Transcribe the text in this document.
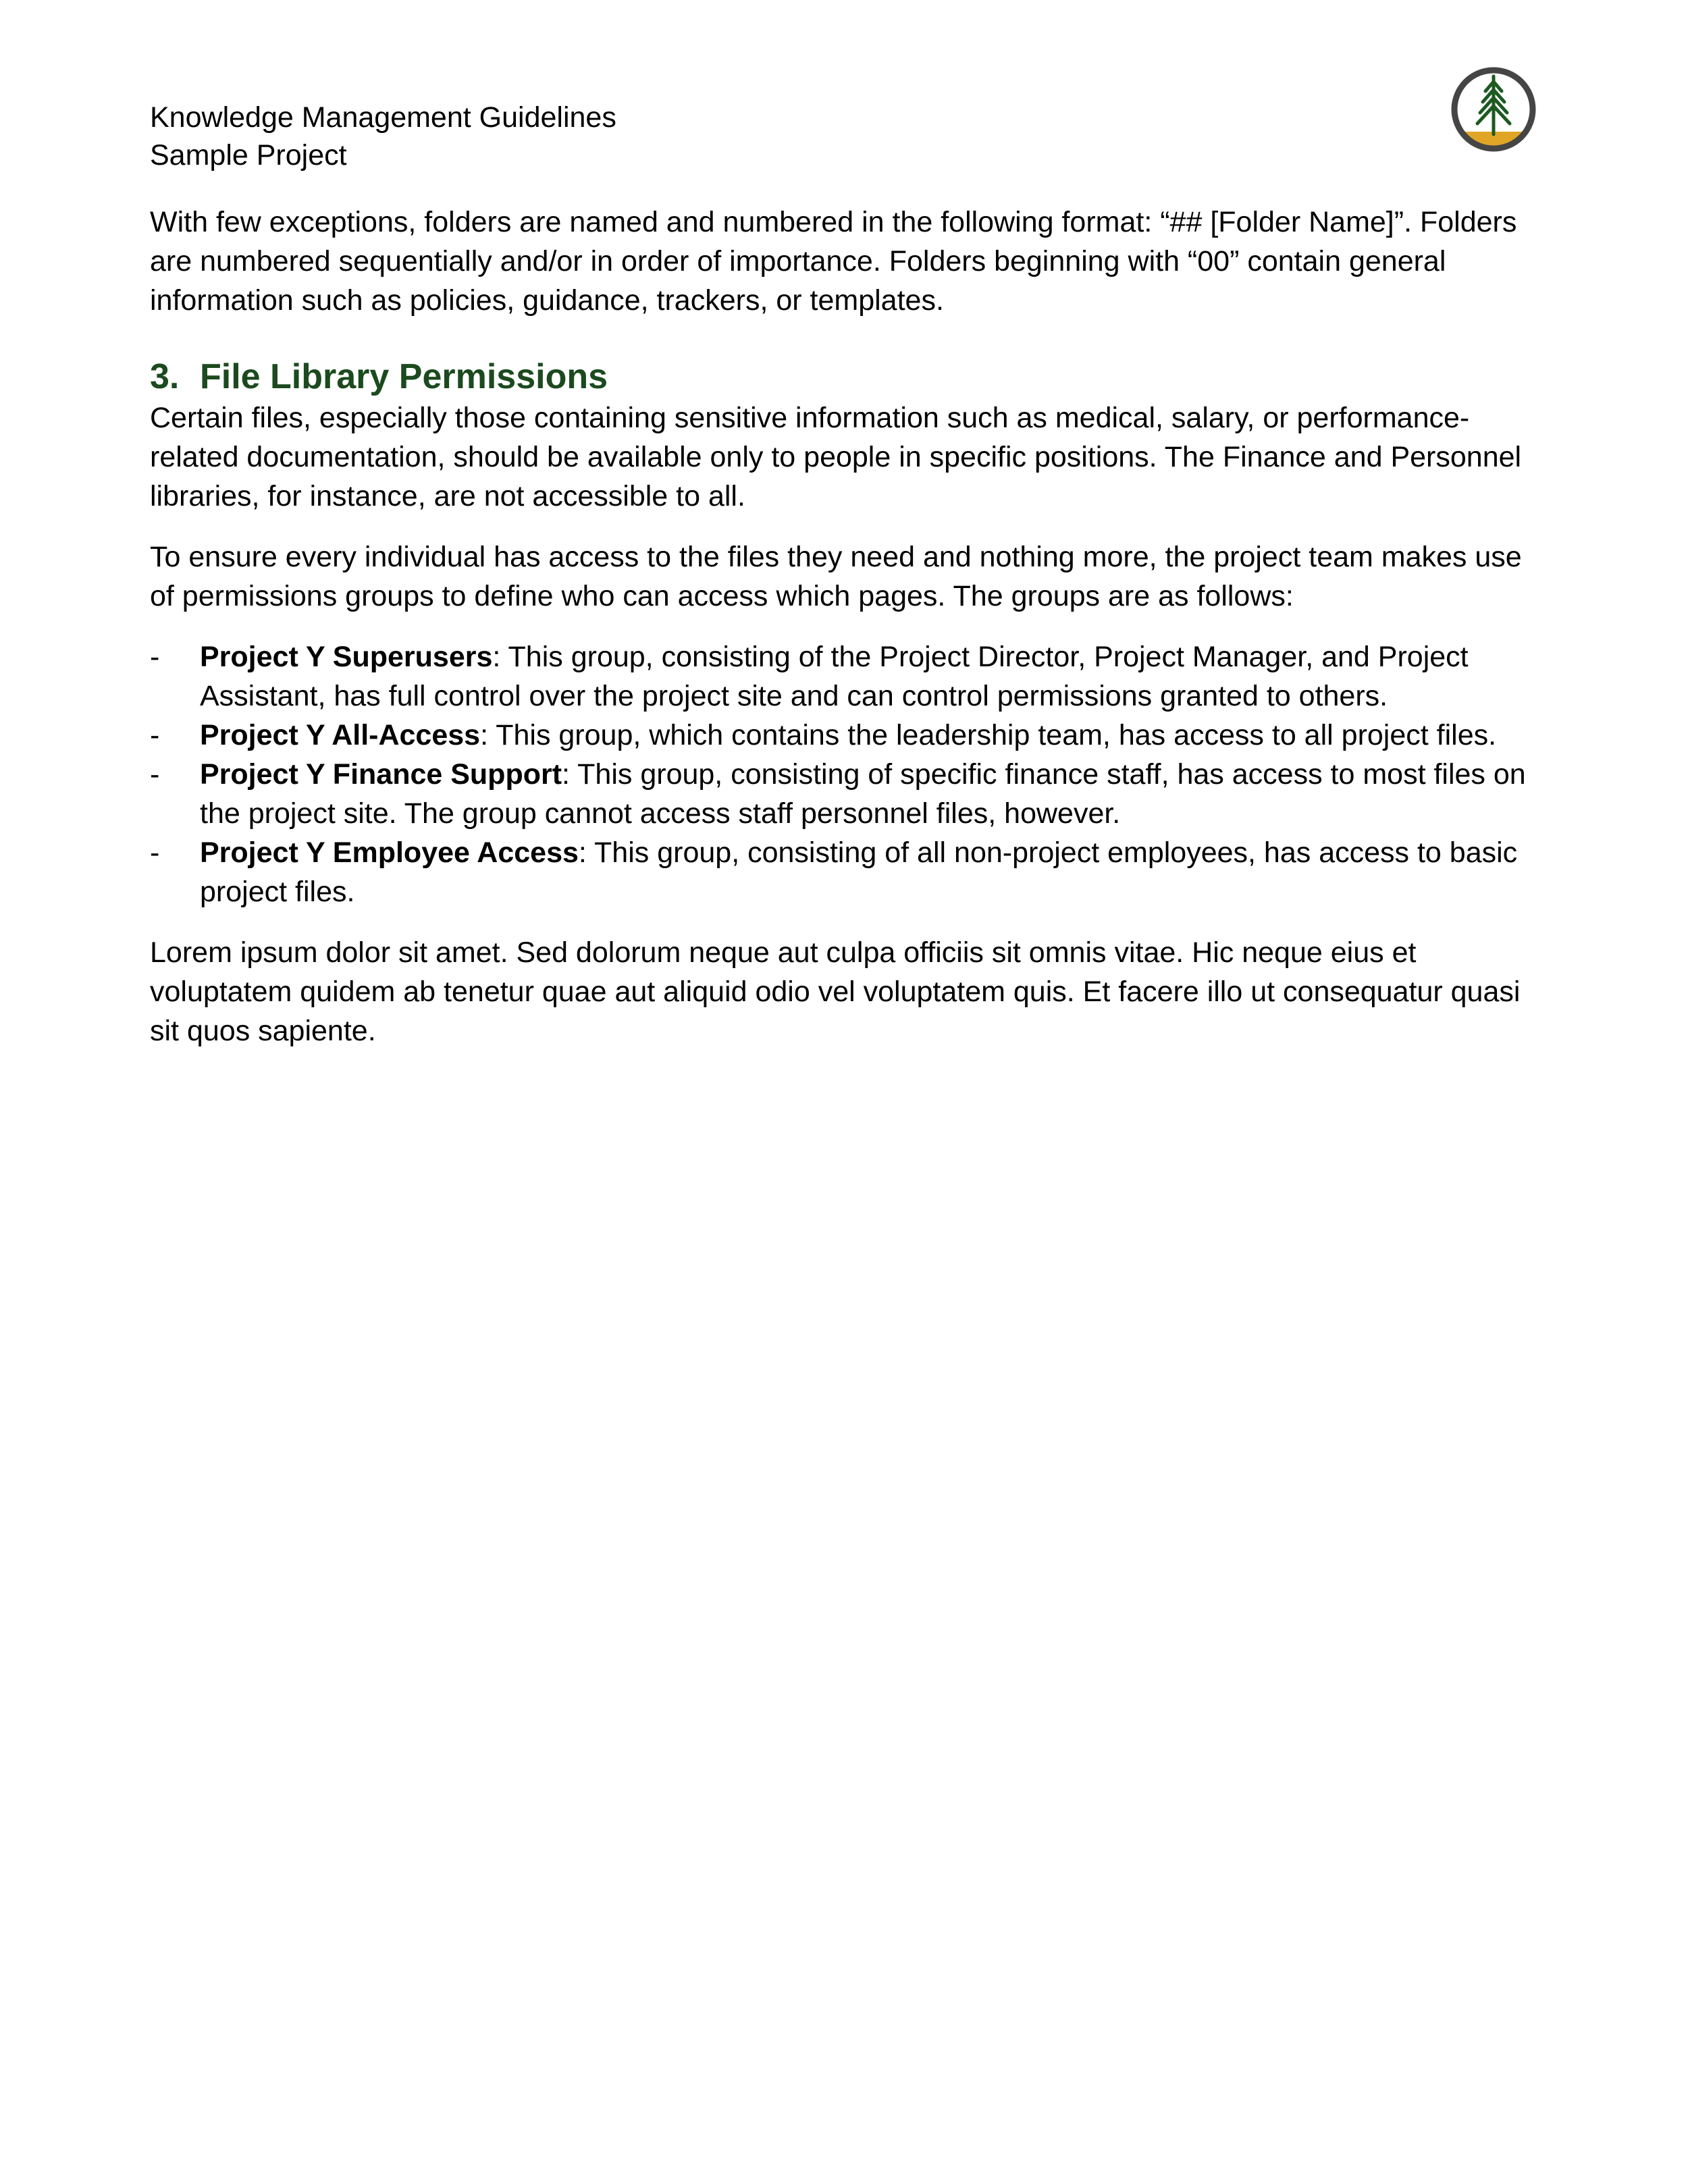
Knowledge Management Guidelines
Sample Project

With few exceptions, folders are named and numbered in the following format: “## [Folder Name]”. Folders are numbered sequentially and/or in order of importance. Folders beginning with “00” contain general information such as policies, guidance, trackers, or templates.

3. File Library Permissions

Certain files, especially those containing sensitive information such as medical, salary, or performance-related documentation, should be available only to people in specific positions. The Finance and Personnel libraries, for instance, are not accessible to all.

To ensure every individual has access to the files they need and nothing more, the project team makes use of permissions groups to define who can access which pages. The groups are as follows:

- Project Y Superusers: This group, consisting of the Project Director, Project Manager, and Project Assistant, has full control over the project site and can control permissions granted to others.
- Project Y All-Access: This group, which contains the leadership team, has access to all project files.
- Project Y Finance Support: This group, consisting of specific finance staff, has access to most files on the project site. The group cannot access staff personnel files, however.
- Project Y Employee Access: This group, consisting of all non-project employees, has access to basic project files.

Lorem ipsum dolor sit amet. Sed dolorum neque aut culpa officiis sit omnis vitae. Hic neque eius et voluptatem quidem ab tenetur quae aut aliquid odio vel voluptatem quis. Et facere illo ut consequatur quasi sit quos sapiente.
